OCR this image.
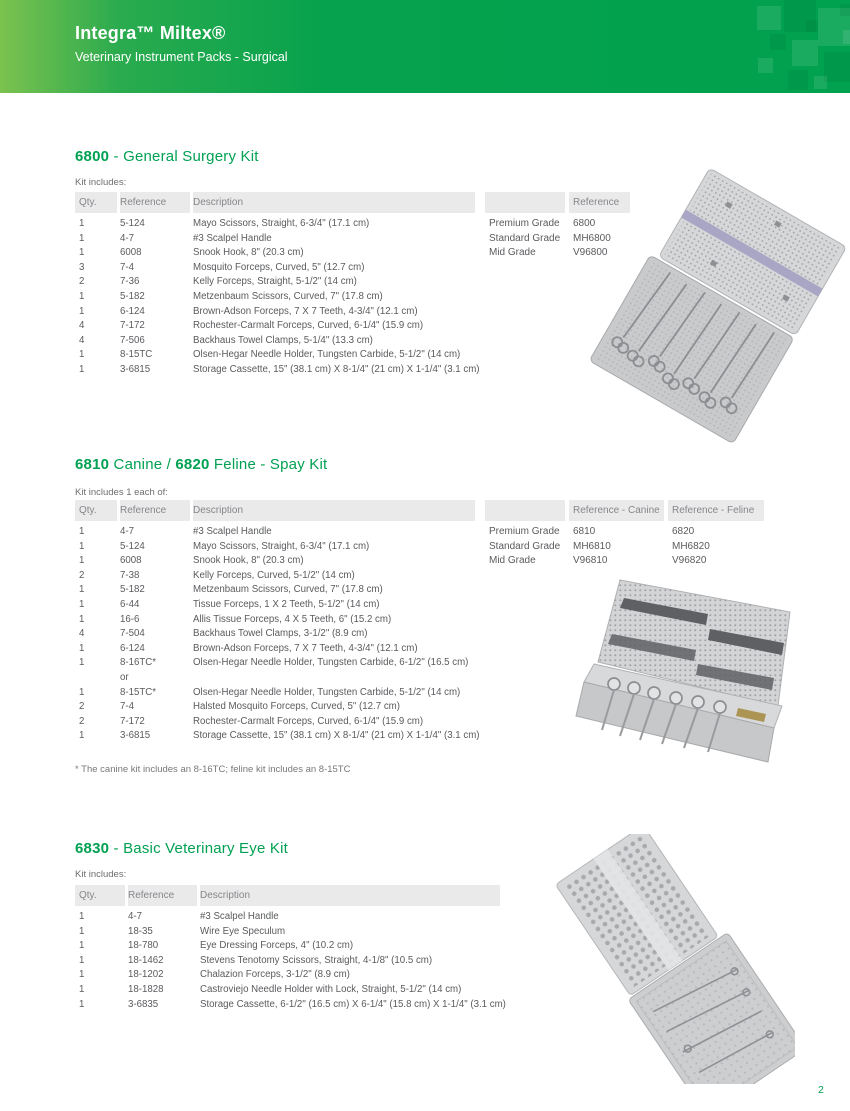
Integra™ Miltex®
Veterinary Instrument Packs - Surgical
6800 - General Surgery Kit
Kit includes:
Qty.	Reference	Description
1	5-124	Mayo Scissors, Straight, 6-3/4" (17.1 cm)
1	4-7	#3 Scalpel Handle
1	6008	Snook Hook, 8" (20.3 cm)
3	7-4	Mosquito Forceps, Curved, 5" (12.7 cm)
2	7-36	Kelly Forceps, Straight, 5-1/2" (14 cm)
1	5-182	Metzenbaum Scissors, Curved, 7" (17.8 cm)
1	6-124	Brown-Adson Forceps, 7 X 7 Teeth, 4-3/4" (12.1 cm)
4	7-172	Rochester-Carmalt Forceps, Curved, 6-1/4" (15.9 cm)
4	7-506	Backhaus Towel Clamps, 5-1/4" (13.3 cm)
1	8-15TC	Olsen-Hegar Needle Holder, Tungsten Carbide, 5-1/2" (14 cm)
1	3-6815	Storage Cassette, 15" (38.1 cm) X 8-1/4" (21 cm) X 1-1/4" (3.1 cm)
Reference
Premium Grade	6800
Standard Grade	MH6800
Mid Grade	V96800
6810 Canine / 6820 Feline - Spay Kit
Kit includes 1 each of:
Qty.	Reference	Description
1	4-7	#3 Scalpel Handle
1	5-124	Mayo Scissors, Straight, 6-3/4" (17.1 cm)
1	6008	Snook Hook, 8" (20.3 cm)
2	7-38	Kelly Forceps, Curved, 5-1/2" (14 cm)
1	5-182	Metzenbaum Scissors, Curved, 7" (17.8 cm)
1	6-44	Tissue Forceps, 1 X 2 Teeth, 5-1/2" (14 cm)
1	16-6	Allis Tissue Forceps, 4 X 5 Teeth, 6" (15.2 cm)
4	7-504	Backhaus Towel Clamps, 3-1/2" (8.9 cm)
1	6-124	Brown-Adson Forceps, 7 X 7 Teeth, 4-3/4" (12.1 cm)
1	8-16TC*	Olsen-Hegar Needle Holder, Tungsten Carbide, 6-1/2" (16.5 cm)
	or	
1	8-15TC*	Olsen-Hegar Needle Holder, Tungsten Carbide, 5-1/2" (14 cm)
2	7-4	Halsted Mosquito Forceps, Curved, 5" (12.7 cm)
2	7-172	Rochester-Carmalt Forceps, Curved, 6-1/4" (15.9 cm)
1	3-6815	Storage Cassette, 15" (38.1 cm) X 8-1/4" (21 cm) X 1-1/4" (3.1 cm)
Reference - Canine	Reference - Feline
Premium Grade	6810	6820
Standard Grade	MH6810	MH6820
Mid Grade	V96810	V96820
* The canine kit includes an 8-16TC; feline kit includes an 8-15TC
6830 - Basic Veterinary Eye Kit
Kit includes:
Qty.	Reference	Description
1	4-7	#3 Scalpel Handle
1	18-35	Wire Eye Speculum
1	18-780	Eye Dressing Forceps, 4" (10.2 cm)
1	18-1462	Stevens Tenotomy Scissors, Straight, 4-1/8" (10.5 cm)
1	18-1202	Chalazion Forceps, 3-1/2" (8.9 cm)
1	18-1828	Castroviejo Needle Holder with Lock, Straight, 5-1/2" (14 cm)
1	3-6835	Storage Cassette, 6-1/2" (16.5 cm) X 6-1/4" (15.8 cm) X 1-1/4" (3.1 cm)
2
